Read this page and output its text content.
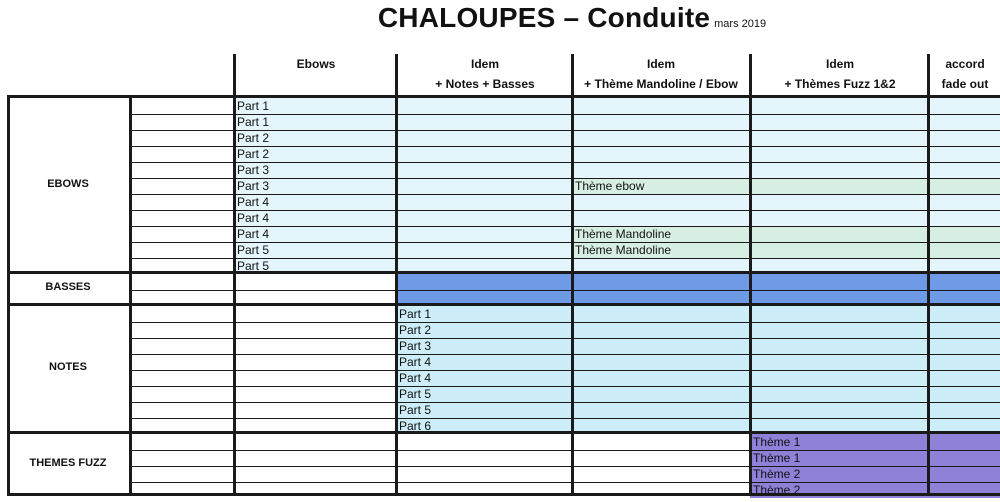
CHALOUPES – Conduite mars 2019
Ebows	Idem
+ Notes + Basses
Idem
+ Thème Mandoline / Ebow
Idem
+ Thèmes Fuzz 1&2
accord
fade out
EBOWS
BASSES
NOTES
THEMES FUZZ
Part 1
Part 1
Part 2
Part 2
Part 3
Part 3
Part 4
Part 4
Part 4
Part 5
Part 5
Thème ebow
Thème Mandoline
Thème Mandoline
Part 1
Part 2
Part 3
Part 4
Part 4
Part 5
Part 5
Part 6
Thème 1
Thème 1
Thème 2
Thème 2
